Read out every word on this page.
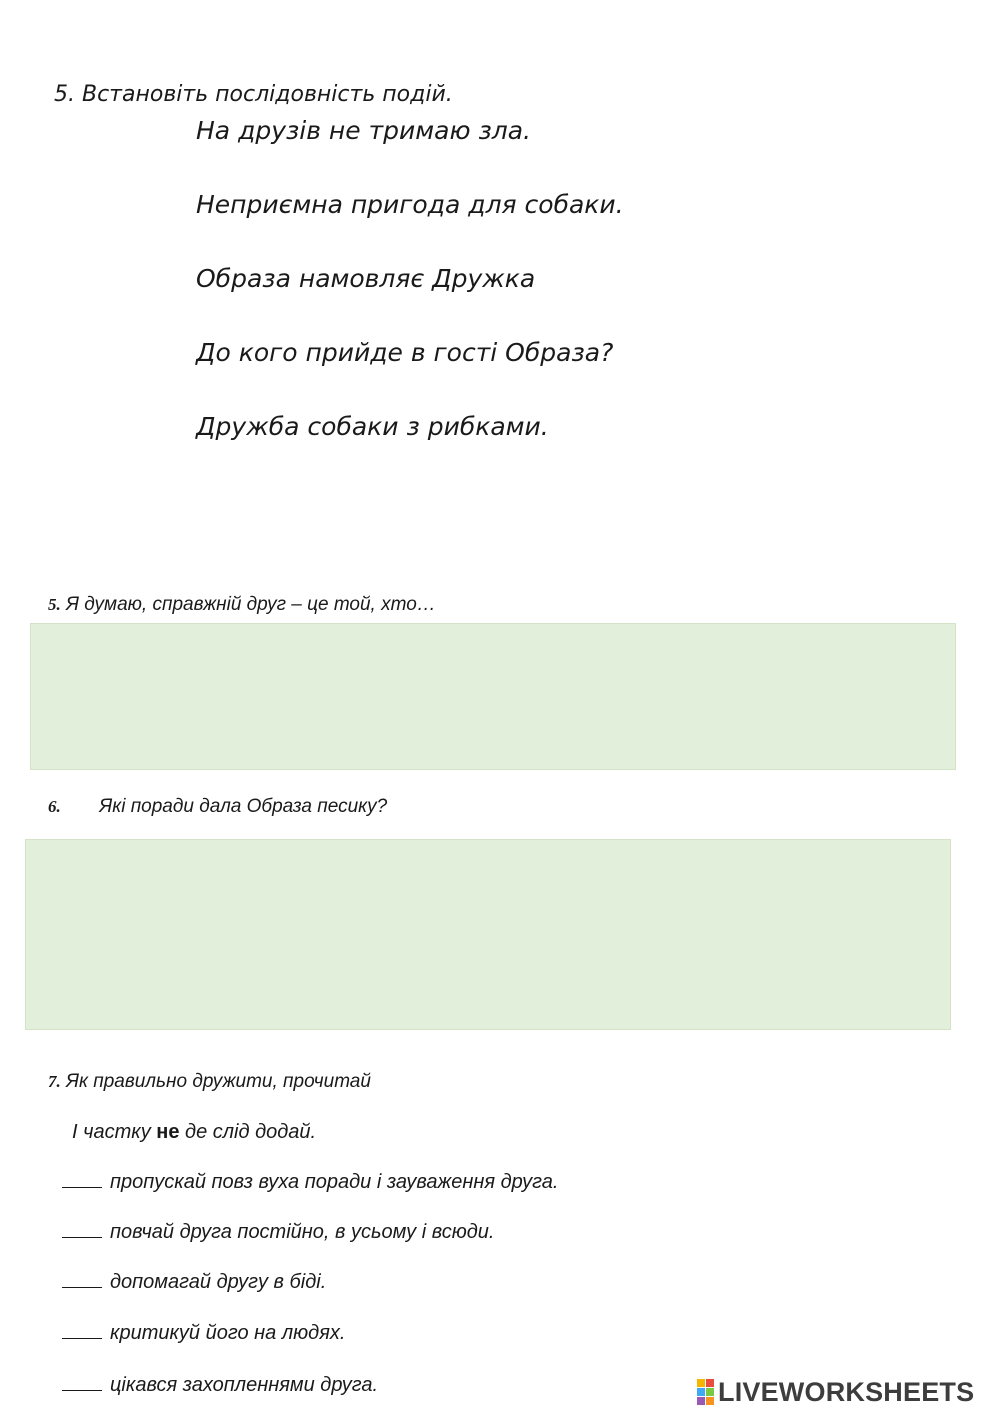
5. Встановіть послідовність подій.
На друзів не тримаю зла.
Неприємна пригода для собаки.
Образа намовляє Дружка
До кого прийде в гості Образа?
Дружба собаки з рибками.
5. Я думаю, справжній друг – це той, хто…
6. Які поради дала Образа песику?
7. Як правильно дружити, прочитай
І частку не де слід додай.
пропускай повз вуха поради і зауваження друга.
повчай друга постійно, в усьому і всюди.
допомагай другу в біді.
критикуй його на людях.
цікався захопленнями друга.	LIVEWORKSHEETS
